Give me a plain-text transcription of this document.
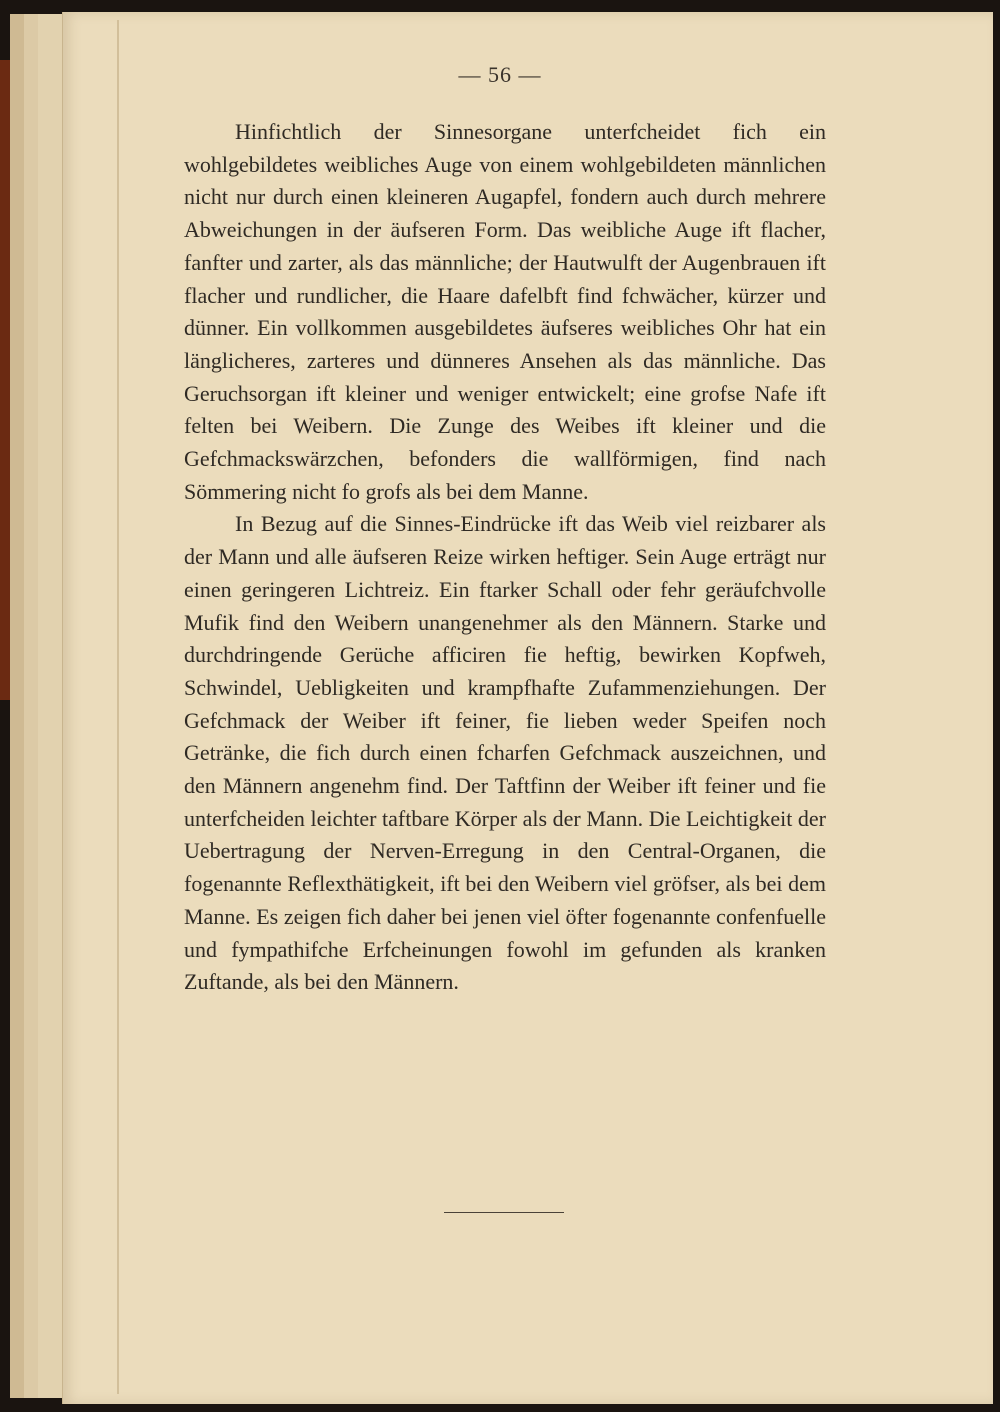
— 56 —

Hinfichtlich der Sinnesorgane unterfcheidet fich ein wohlgebildetes weibliches Auge von einem wohlgebildeten männlichen nicht nur durch einen kleineren Augapfel, fondern auch durch mehrere Abweichungen in der äufseren Form. Das weibliche Auge ift flacher, fanfter und zarter, als das männliche; der Hautwulft der Augenbrauen ift flacher und rundlicher, die Haare dafelbft find fchwächer, kürzer und dünner. Ein vollkommen ausgebildetes äufseres weibliches Ohr hat ein länglicheres, zarteres und dünneres Ansehen als das männliche. Das Geruchsorgan ift kleiner und weniger entwickelt; eine grofse Nafe ift felten bei Weibern. Die Zunge des Weibes ift kleiner und die Gefchmackswärzchen, befonders die wallförmigen, find nach Sömmering nicht fo grofs als bei dem Manne.

In Bezug auf die Sinnes-Eindrücke ift das Weib viel reizbarer als der Mann und alle äufseren Reize wirken heftiger. Sein Auge erträgt nur einen geringeren Lichtreiz. Ein ftarker Schall oder fehr geräufchvolle Mufik find den Weibern unangenehmer als den Männern. Starke und durchdringende Gerüche afficiren fie heftig, bewirken Kopfweh, Schwindel, Uebligkeiten und krampfhafte Zufammenziehungen. Der Gefchmack der Weiber ift feiner, fie lieben weder Speifen noch Getränke, die fich durch einen fcharfen Gefchmack auszeichnen, und den Männern angenehm find. Der Taftfinn der Weiber ift feiner und fie unterfcheiden leichter taftbare Körper als der Mann. Die Leichtigkeit der Uebertragung der Nerven-Erregung in den Central-Organen, die fogenannte Reflexthätigkeit, ift bei den Weibern viel gröfser, als bei dem Manne. Es zeigen fich daher bei jenen viel öfter fogenannte confenfuelle und fympathifche Erfcheinungen fowohl im gefunden als kranken Zuftande, als bei den Männern.
